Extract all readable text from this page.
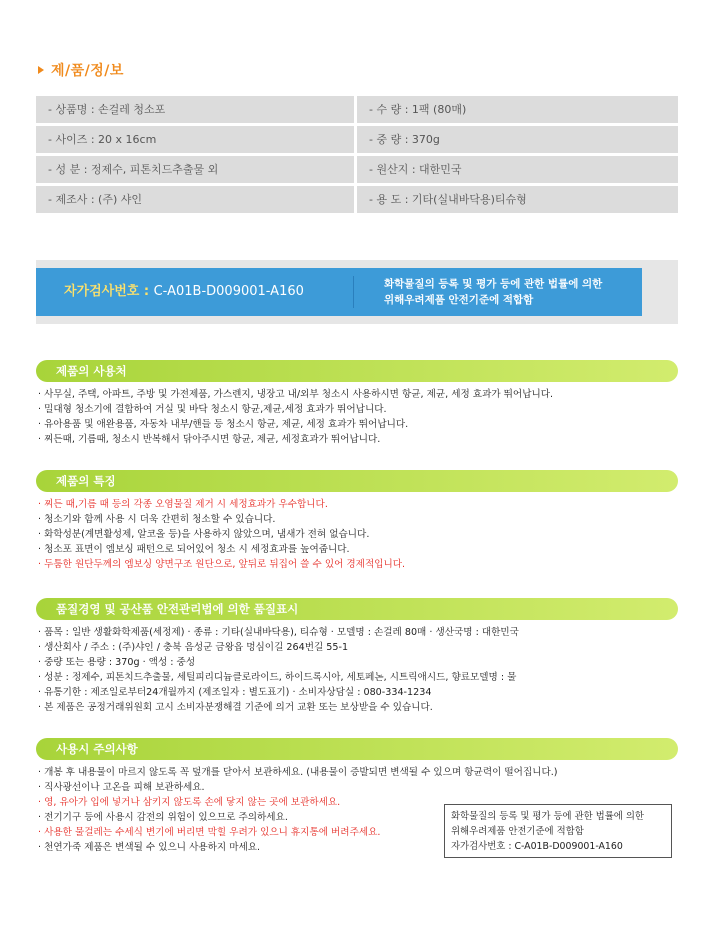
제/품/정/보
- 상품명 : 손걸레 청소포	- 수 량 : 1팩 (80매)
- 사이즈 : 20 x 16cm	- 중 량 : 370g
- 성 분 : 정제수, 피톤치드추출물 외	- 원산지 : 대한민국
- 제조사 : (주) 샤인	- 용 도 : 기타(실내바닥용)티슈형
자가검사번호 : C-A01B-D009001-A160	화학물질의 등록 및 평가 등에 관한 법률에 의한
위해우려제품 안전기준에 적합함
제품의 사용처
· 사무실, 주택, 아파트, 주방 및 가전제품, 가스렌지, 냉장고 내/외부 청소시 사용하시면 항균, 제균, 세정 효과가 뛰어납니다.
· 밀대형 청소기에 결합하여 거실 및 바닥 청소시 항균,제균,세정 효과가 뛰어납니다.
· 유아용품 및 애완용품, 자동차 내부/핸들 등 청소시 항균, 제균, 세정 효과가 뛰어납니다.
· 찌든때, 기름때, 청소시 반복해서 닦아주시면 항균, 제균, 세정효과가 뛰어납니다.
제품의 특징
· 찌든 때,기름 때 등의 각종 오염물질 제거 시 세정효과가 우수합니다.
· 청소기와 함께 사용 시 더욱 간편히 청소할 수 있습니다.
· 화학성분(계면활성제, 알코올 등)을 사용하지 않았으며, 냄새가 전혀 없습니다.
· 청소포 표면이 엠보싱 패턴으로 되어있어 청소 시 세정효과를 높여줍니다.
· 두툼한 원단두께의 엠보싱 양면구조 원단으로, 앞뒤로 뒤집어 쓸 수 있어 경제적입니다.
품질경영 및 공산품 안전관리법에 의한 품질표시
· 품목 : 일반 생활화학제품(세정제) · 종류 : 기타(실내바닥용), 티슈형 · 모델명 : 손걸레 80매 · 생산국명 : 대한민국
· 생산회사 / 주소 : (주)샤인 / 충북 음성군 금왕읍 멍심이길 264번길 55-1
· 중량 또는 용량 : 370g · 액성 : 중성
· 성분 : 정제수, 피톤치드추출물, 세틸피리디늄클로라이드, 하이드록시아, 세토페논, 시트릭애시드, 향료모델명 : 물
· 유통기한 : 제조일로부터24개월까지 (제조일자 : 별도표기) · 소비자상담실 : 080-334-1234
· 본 제품은 공정거래위원회 고시 소비자분쟁해결 기준에 의거 교환 또는 보상받을 수 있습니다.
사용시 주의사항
· 개봉 후 내용물이 마르지 않도록 꼭 덮개를 닫아서 보관하세요. (내용물이 증발되면 변색될 수 있으며 항균력이 떨어집니다.)
· 직사광선이나 고온을 피해 보관하세요.
· 영, 유아가 입에 넣거나 삼키지 않도록 손에 닿지 않는 곳에 보관하세요.
· 전기기구 등에 사용시 감전의 위험이 있으므로 주의하세요.
· 사용한 물걸레는 수세식 변기에 버리면 막힐 우려가 있으니 휴지통에 버려주세요.
· 천연가죽 제품은 변색될 수 있으니 사용하지 마세요.
화학물질의 등록 및 평가 등에 관한 법률에 의한
위해우려제품 안전기준에 적합함
자가검사번호 : C-A01B-D009001-A160
